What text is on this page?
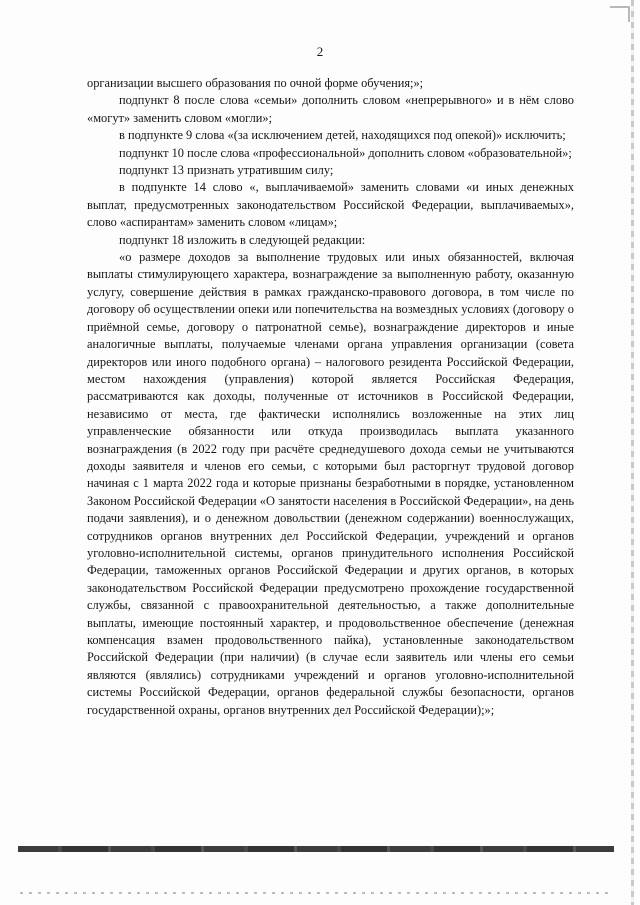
2

организации высшего образования по очной форме обучения;»;

подпункт 8 после слова «семьи» дополнить словом «непрерывного» и в нём слово «могут» заменить словом «могли»;

в подпункте 9 слова «(за исключением детей, находящихся под опекой)» исключить;

подпункт 10 после слова «профессиональной» дополнить словом «образовательной»;

подпункт 13 признать утратившим силу;

в подпункте 14 слово «, выплачиваемой» заменить словами «и иных денежных выплат, предусмотренных законодательством Российской Федерации, выплачиваемых», слово «аспирантам» заменить словом «лицам»;

подпункт 18 изложить в следующей редакции:

«о размере доходов за выполнение трудовых или иных обязанностей, включая выплаты стимулирующего характера, вознаграждение за выполненную работу, оказанную услугу, совершение действия в рамках гражданско-правового договора, в том числе по договору об осуществлении опеки или попечительства на возмездных условиях (договору о приёмной семье, договору о патронатной семье), вознаграждение директоров и иные аналогичные выплаты, получаемые членами органа управления организации (совета директоров или иного подобного органа) – налогового резидента Российской Федерации, местом нахождения (управления) которой является Российская Федерация, рассматриваются как доходы, полученные от источников в Российской Федерации, независимо от места, где фактически исполнялись возложенные на этих лиц управленческие обязанности или откуда производилась выплата указанного вознаграждения (в 2022 году при расчёте среднедушевого дохода семьи не учитываются доходы заявителя и членов его семьи, с которыми был расторгнут трудовой договор начиная с 1 марта 2022 года и которые признаны безработными в порядке, установленном Законом Российской Федерации «О занятости населения в Российской Федерации», на день подачи заявления), и о денежном довольствии (денежном содержании) военнослужащих, сотрудников органов внутренних дел Российской Федерации, учреждений и органов уголовно-исполнительной системы, органов принудительного исполнения Российской Федерации, таможенных органов Российской Федерации и других органов, в которых законодательством Российской Федерации предусмотрено прохождение государственной службы, связанной с правоохранительной деятельностью, а также дополнительные выплаты, имеющие постоянный характер, и продовольственное обеспечение (денежная компенсация взамен продовольственного пайка), установленные законодательством Российской Федерации (при наличии) (в случае если заявитель или члены его семьи являются (являлись) сотрудниками учреждений и органов уголовно-исполнительной системы Российской Федерации, органов федеральной службы безопасности, органов государственной охраны, органов внутренних дел Российской Федерации);»;
